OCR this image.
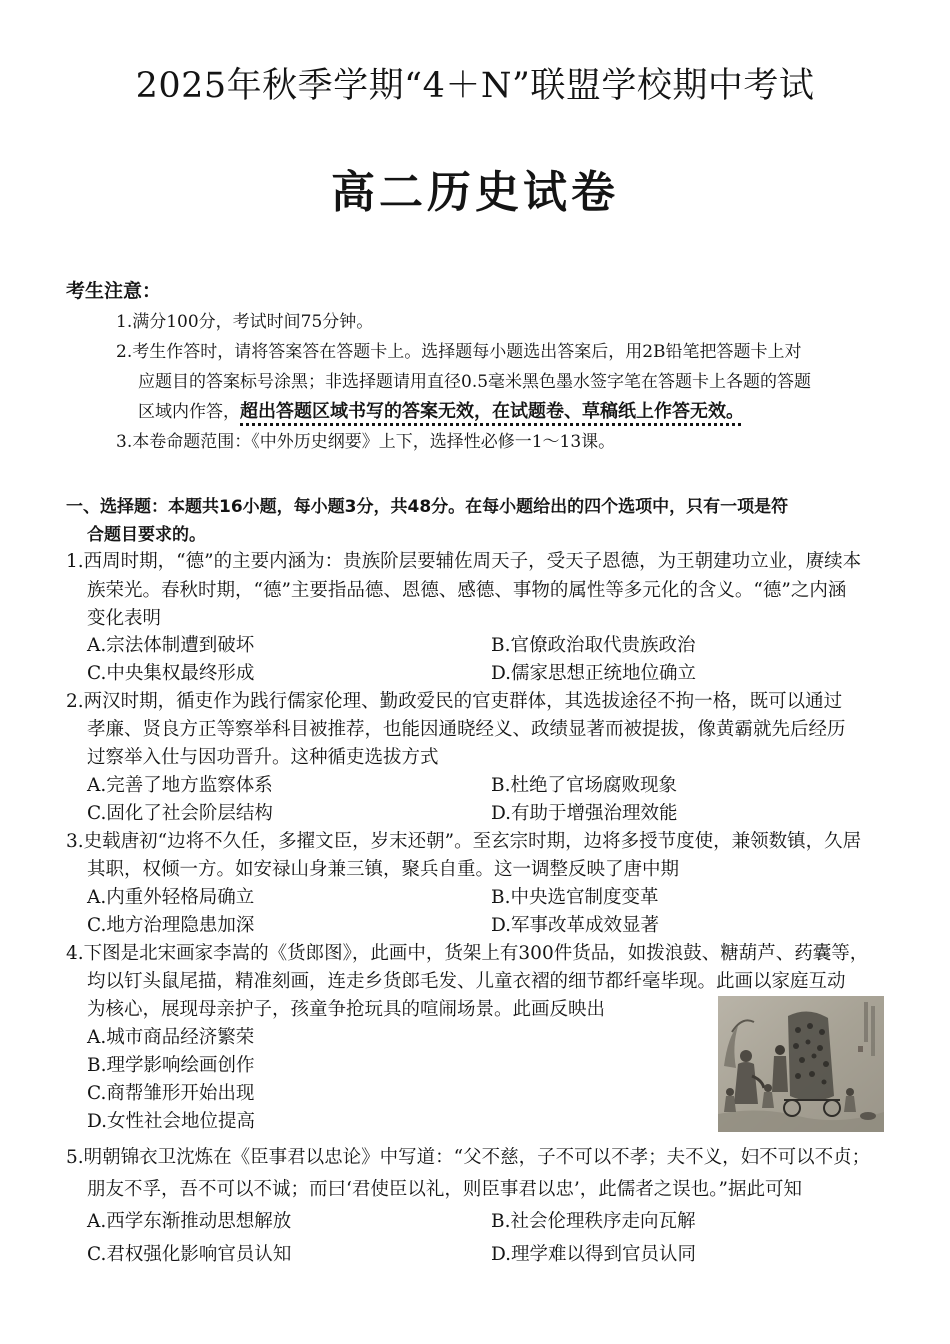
2025年秋季学期“4＋N”联盟学校期中考试
高二历史试卷
考生注意：
1.满分100分，考试时间75分钟。
2.考生作答时，请将答案答在答题卡上。选择题每小题选出答案后，用2B铅笔把答题卡上对
应题目的答案标号涂黑；非选择题请用直径0.5毫米黑色墨水签字笔在答题卡上各题的答题
区域内作答，超出答题区域书写的答案无效，在试题卷、草稿纸上作答无效。
3.本卷命题范围：《中外历史纲要》上下，选择性必修一1～13课。
一、选择题：本题共16小题，每小题3分，共48分。在每小题给出的四个选项中，只有一项是符
合题目要求的。
1.西周时期，“德”的主要内涵为：贵族阶层要辅佐周天子，受天子恩德，为王朝建功立业，赓续本
族荣光。春秋时期，“德”主要指品德、恩德、感德、事物的属性等多元化的含义。“德”之内涵
变化表明
A.宗法体制遭到破坏	B.官僚政治取代贵族政治
C.中央集权最终形成	D.儒家思想正统地位确立
2.两汉时期，循吏作为践行儒家伦理、勤政爱民的官吏群体，其选拔途径不拘一格，既可以通过
孝廉、贤良方正等察举科目被推荐，也能因通晓经义、政绩显著而被提拔，像黄霸就先后经历
过察举入仕与因功晋升。这种循吏选拔方式
A.完善了地方监察体系	B.杜绝了官场腐败现象
C.固化了社会阶层结构	D.有助于增强治理效能
3.史载唐初“边将不久任，多擢文臣，岁末还朝”。至玄宗时期，边将多授节度使，兼领数镇，久居
其职，权倾一方。如安禄山身兼三镇，聚兵自重。这一调整反映了唐中期
A.内重外轻格局确立	B.中央选官制度变革
C.地方治理隐患加深	D.军事改革成效显著
4.下图是北宋画家李嵩的《货郎图》，此画中，货架上有300件货品，如拨浪鼓、糖葫芦、药囊等，
均以钉头鼠尾描，精准刻画，连走乡货郎毛发、儿童衣褶的细节都纤毫毕现。此画以家庭互动
为核心，展现母亲护子，孩童争抢玩具的喧闹场景。此画反映出
A.城市商品经济繁荣
B.理学影响绘画创作
C.商帮雏形开始出现
D.女性社会地位提高
5.明朝锦衣卫沈炼在《臣事君以忠论》中写道：“父不慈，子不可以不孝；夫不义，妇不可以不贞；
朋友不孚，吾不可以不诚；而曰‘君使臣以礼，则臣事君以忠’，此儒者之误也。”据此可知
A.西学东渐推动思想解放	B.社会伦理秩序走向瓦解
C.君权强化影响官员认知	D.理学难以得到官员认同
